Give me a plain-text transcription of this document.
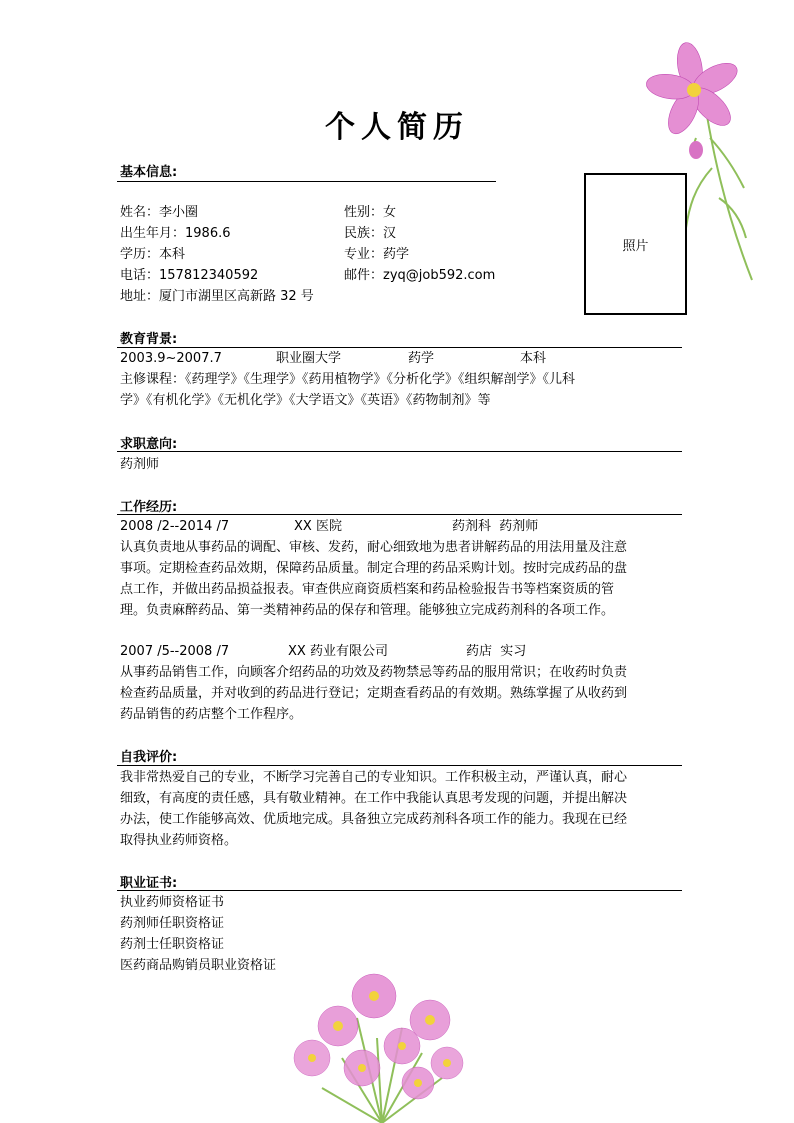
个人简历
基本信息:
姓名：李小圈	性别：女
出生年月：1986.6	民族：汉
学历：本科	专业：药学
电话：157812340592	邮件：zyq@job592.com
地址：厦门市湖里区高新路 32 号
照片
教育背景:
2003.9~2007.7	职业圈大学	药学	本科
主修课程：《药理学》《生理学》《药用植物学》《分析化学》《组织解剖学》《儿科
学》《有机化学》《无机化学》《大学语文》《英语》《药物制剂》等
求职意向:
药剂师
工作经历:
2008 /2--2014 /7	XX 医院	药剂科  药剂师
认真负责地从事药品的调配、审核、发药，耐心细致地为患者讲解药品的用法用量及注意
事项。定期检查药品效期，保障药品质量。制定合理的药品采购计划。按时完成药品的盘
点工作，并做出药品损益报表。审查供应商资质档案和药品检验报告书等档案资质的管
理。负责麻醉药品、第一类精神药品的保存和管理。能够独立完成药剂科的各项工作。
2007 /5--2008 /7	XX 药业有限公司	药店  实习
从事药品销售工作，向顾客介绍药品的功效及药物禁忌等药品的服用常识；在收药时负责
检查药品质量，并对收到的药品进行登记；定期查看药品的有效期。熟练掌握了从收药到
药品销售的药店整个工作程序。
自我评价:
我非常热爱自己的专业，不断学习完善自己的专业知识。工作积极主动，严谨认真，耐心
细致，有高度的责任感，具有敬业精神。在工作中我能认真思考发现的问题，并提出解决
办法，使工作能够高效、优质地完成。具备独立完成药剂科各项工作的能力。我现在已经
取得执业药师资格。
职业证书:
执业药师资格证书
药剂师任职资格证
药剂士任职资格证
医药商品购销员职业资格证
